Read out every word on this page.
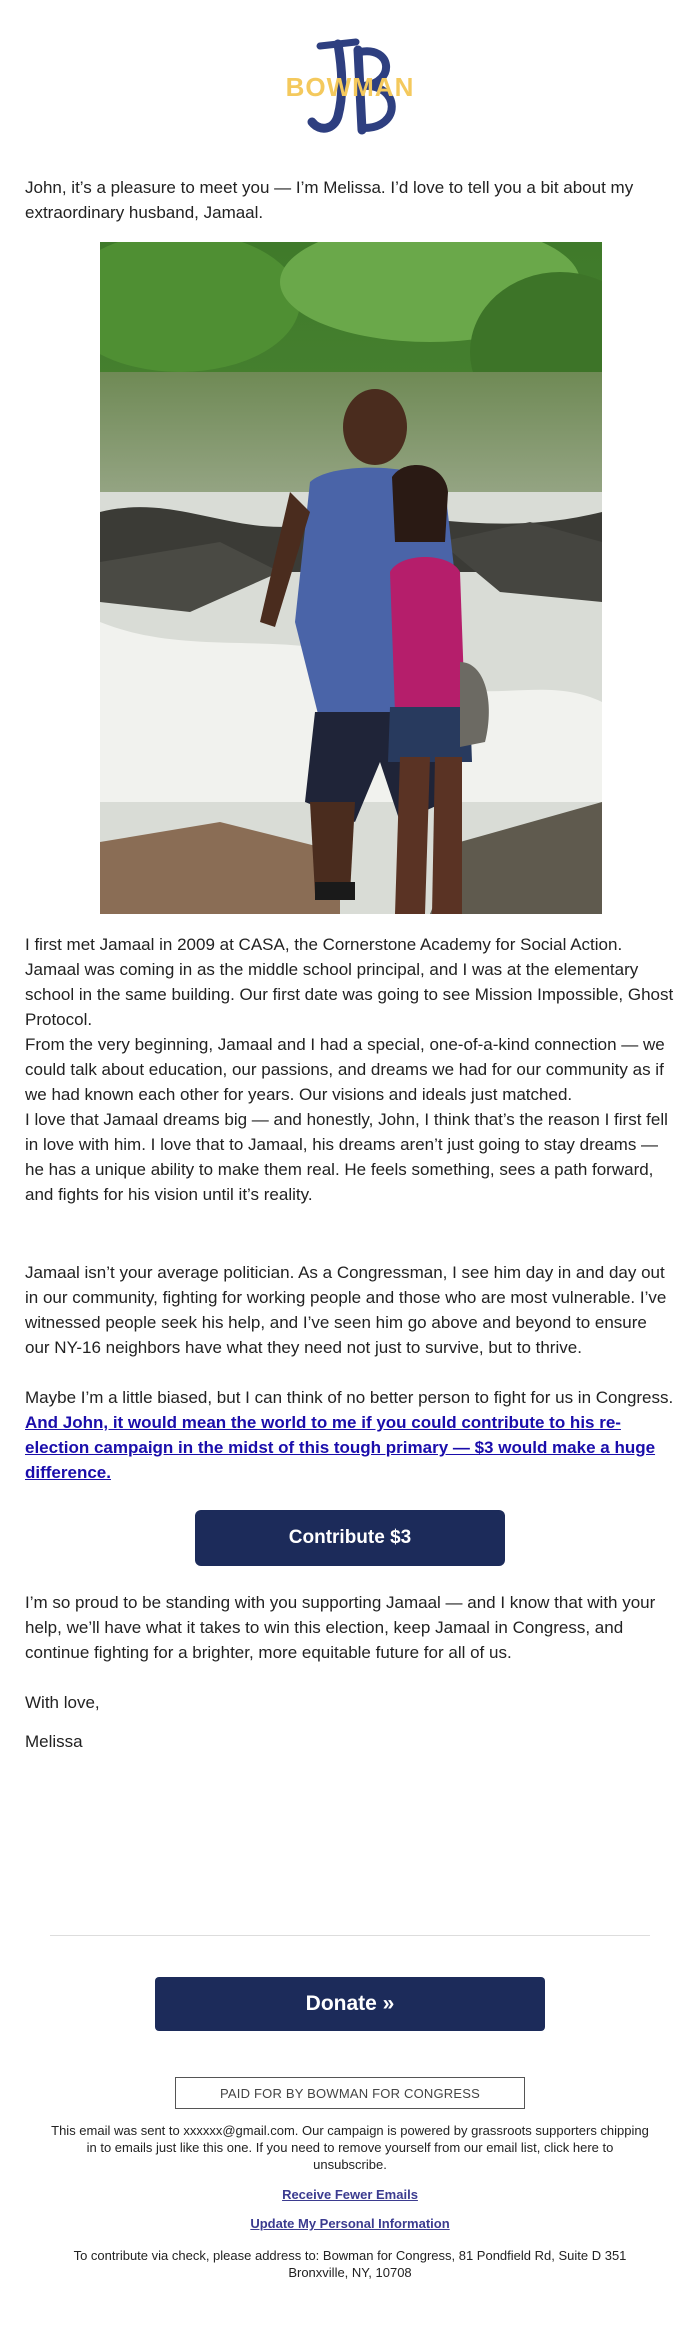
BOWMAN

John, it’s a pleasure to meet you — I’m Melissa. I’d love to tell you a bit about my extraordinary husband, Jamaal.

I first met Jamaal in 2009 at CASA, the Cornerstone Academy for Social Action. Jamaal was coming in as the middle school principal, and I was at the elementary school in the same building. Our first date was going to see Mission Impossible, Ghost Protocol.

From the very beginning, Jamaal and I had a special, one-of-a-kind connection — we could talk about education, our passions, and dreams we had for our community as if we had known each other for years. Our visions and ideals just matched.

I love that Jamaal dreams big — and honestly, John, I think that’s the reason I first fell in love with him. I love that to Jamaal, his dreams aren’t just going to stay dreams — he has a unique ability to make them real. He feels something, sees a path forward, and fights for his vision until it’s reality.

Jamaal isn’t your average politician. As a Congressman, I see him day in and day out in our community, fighting for working people and those who are most vulnerable. I’ve witnessed people seek his help, and I’ve seen him go above and beyond to ensure our NY-16 neighbors have what they need not just to survive, but to thrive.

Maybe I’m a little biased, but I can think of no better person to fight for us in Congress. And John, it would mean the world to me if you could contribute to his re-election campaign in the midst of this tough primary — $3 would make a huge difference.

Contribute $3

I’m so proud to be standing with you supporting Jamaal — and I know that with your help, we’ll have what it takes to win this election, keep Jamaal in Congress, and continue fighting for a brighter, more equitable future for all of us.

With love,

Melissa

Donate »
PAID FOR BY BOWMAN FOR CONGRESS
This email was sent to xxxxxx@gmail.com. Our campaign is powered by grassroots supporters chipping in to emails just like this one. If you need to remove yourself from our email list, click here to unsubscribe.
Receive Fewer Emails
Update My Personal Information
To contribute via check, please address to: Bowman for Congress, 81 Pondfield Rd, Suite D 351 Bronxville, NY, 10708
